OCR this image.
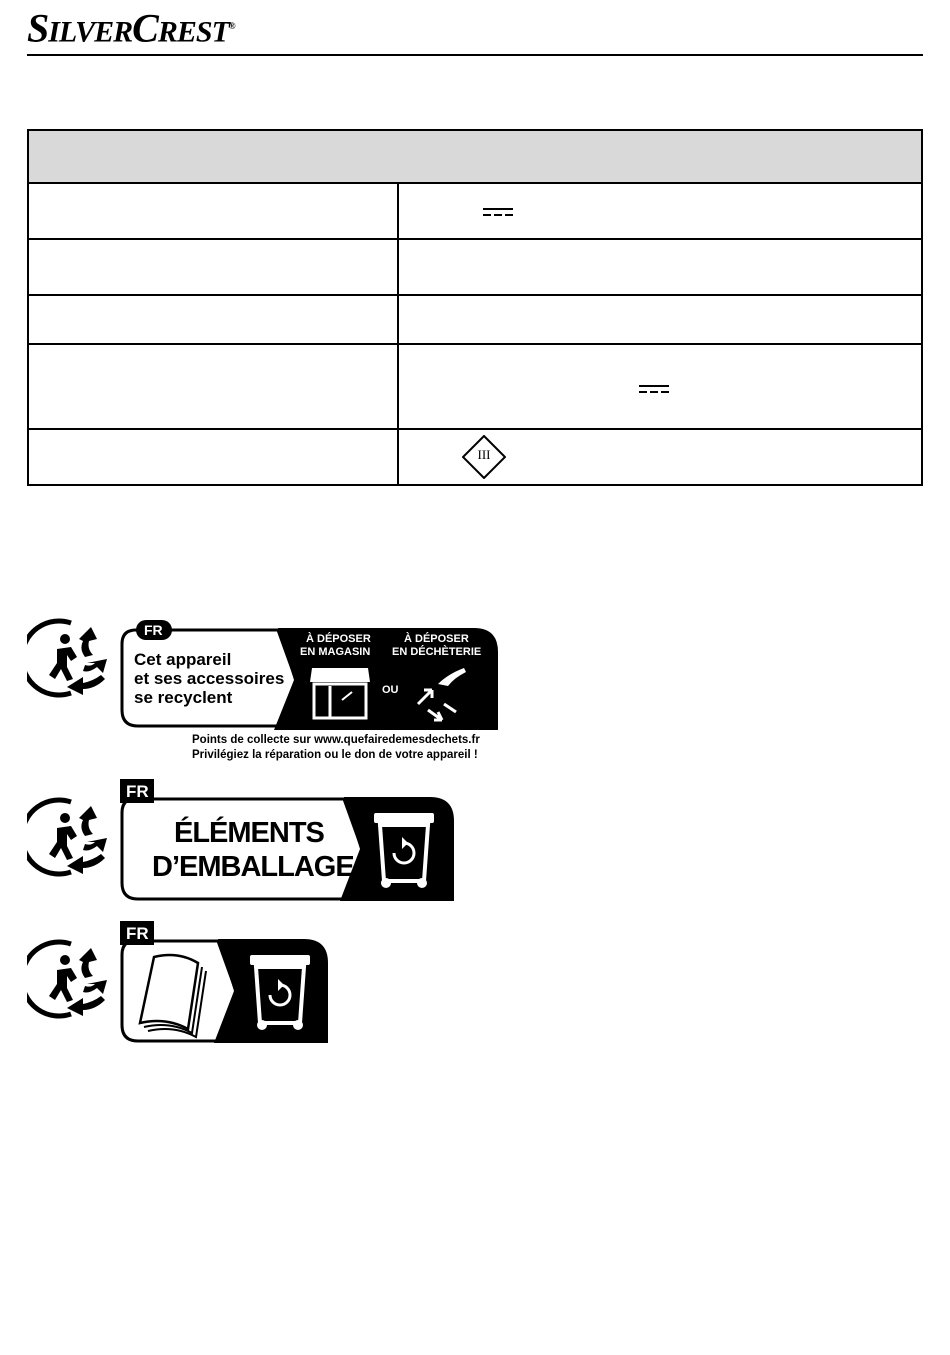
SILVERCREST®
III
FR
Cet appareil
et ses accessoires
se recyclent
À DÉPOSER
EN MAGASIN
OU
À DÉPOSER
EN DÉCHÈTERIE
Points de collecte sur www.quefairedemesdechets.fr
Privilégiez la réparation ou le don de votre appareil !
FR
ÉLÉMENTS
D’EMBALLAGE
FR
